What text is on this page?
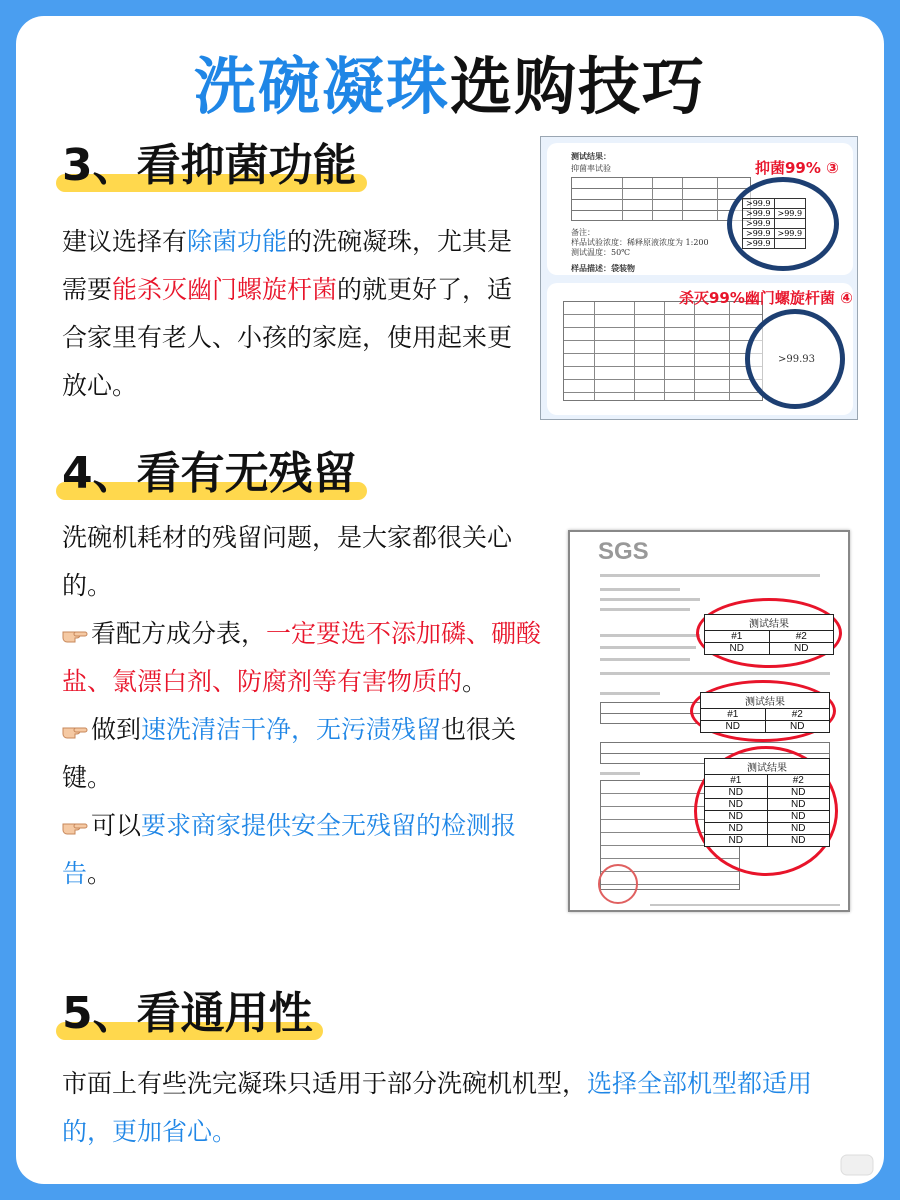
洗碗凝珠选购技巧
3、看抑菌功能
建议选择有除菌功能的洗碗凝珠，尤其是需要能杀灭幽门螺旋杆菌的就更好了，适合家里有老人、小孩的家庭，使用起来更放心。
测试结果：
抑菌率试验
备注：
样品试验浓度：稀释原液浓度为 1:200
测试温度：50℃
样品描述：袋装物
抑菌99% ③
>99.9	
>99.9	>99.9
>99.9	
>99.9	>99.9
>99.9	
杀灭99%幽门螺旋杆菌 ④
>99.93
4、看有无残留
洗碗机耗材的残留问题，是大家都很关心的。
看配方成分表，一定要选不添加磷、硼酸盐、氯漂白剂、防腐剂等有害物质的。
做到速洗清洁干净，无污渍残留也很关键。
可以要求商家提供安全无残留的检测报告。
SGS
测试结果	
#1	#2
ND	ND
测试结果	
#1	#2
ND	ND
测试结果	
#1	#2
ND	ND
ND	ND
ND	ND
ND	ND
ND	ND
5、看通用性
市面上有些洗完凝珠只适用于部分洗碗机机型，选择全部机型都适用的，更加省心。
